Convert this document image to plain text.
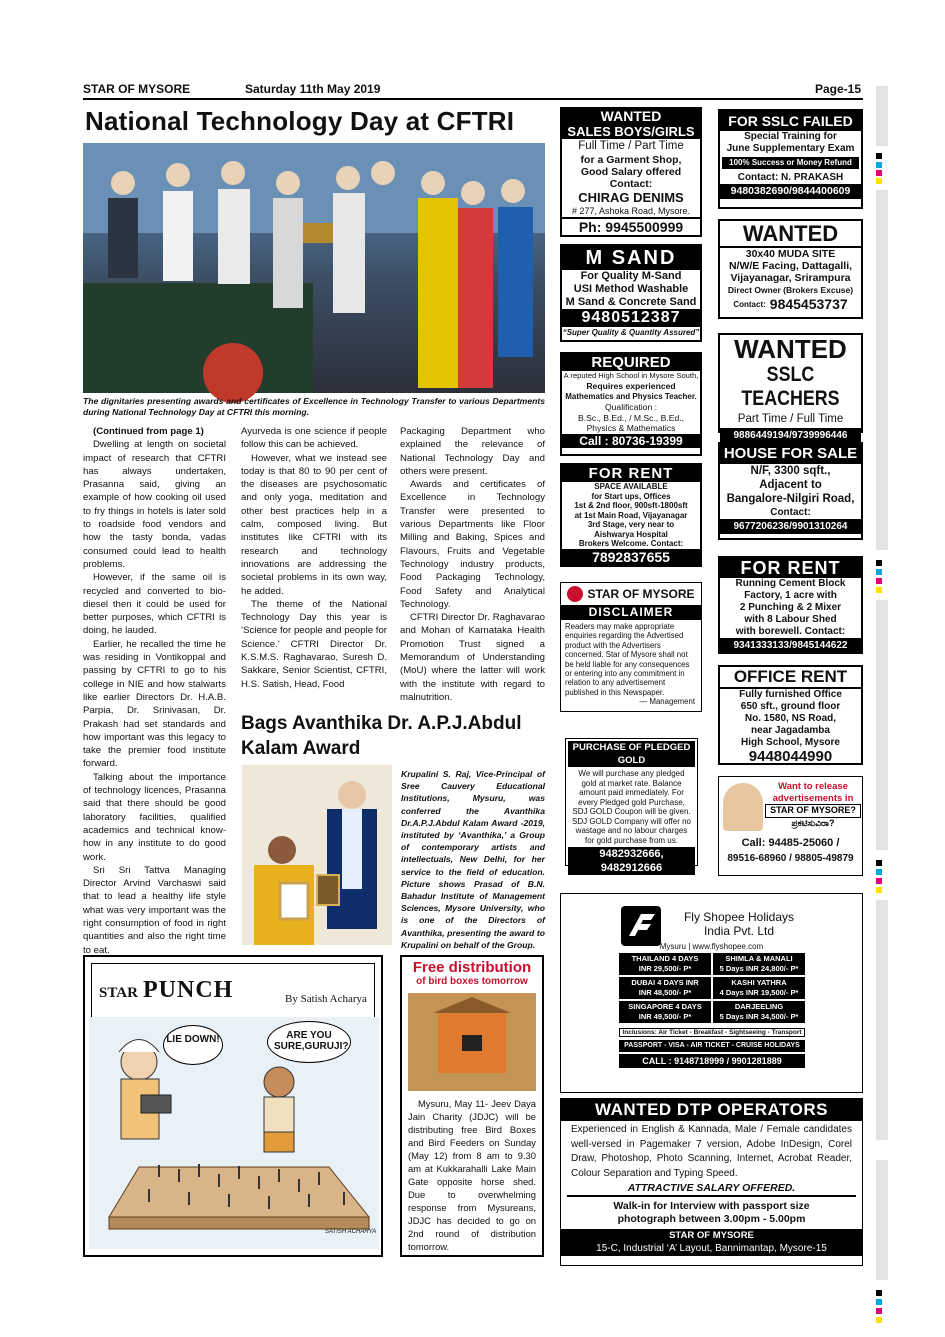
STAR OF MYSORE	Saturday 11th May 2019	Page-15
National Technology Day at CFTRI
The dignitaries presenting awards and certificates of Excellence in Technology Transfer to various Departments during National Technology Day at CFTRI this morning.

(Continued from page 1)

Dwelling at length on societal impact of research that CFTRI has always undertaken, Prasanna said, giving an example of how cooking oil used to fry things in hotels is later sold to roadside food vendors and how the tasty bonda, vadas consumed could lead to health problems.

However, if the same oil is recycled and converted to bio-diesel then it could be used for better purposes, which CFTRI is doing, he lauded.

Earlier, he recalled the time he was residing in Vontikoppal and passing by CFTRI to go to his college in NIE and how stalwarts like earlier Directors Dr. H.A.B. Parpia, Dr. Srinivasan, Dr. Prakash had set standards and how important was this legacy to take the premier food institute forward.

Talking about the importance of technology licences, Prasanna said that there should be good laboratory facilities, qualified academics and technical know-how in any institute to do good work.

Sri Sri Tattva Managing Director Arvind Varchaswi said that to lead a healthy life style what was very important was the right consumption of food in right quantities and also the right time to eat.

Ayurveda is one science if people follow this can be achieved.

However, what we instead see today is that 80 to 90 per cent of the diseases are psychosomatic and only yoga, meditation and other best practices help in a calm, composed living. But institutes like CFTRI with its research and technology innovations are addressing the societal problems in its own way, he added.

The theme of the National Technology Day this year is ‘Science for people and people for Science.’ CFTRI Director Dr. K.S.M.S. Raghavarao, Suresh D. Sakkare, Senior Scientist, CFTRI, H.S. Satish, Head, Food

Packaging Department who explained the relevance of National Technology Day and others were present.

Awards and certificates of Excellence in Technology Transfer were presented to various Departments like Floor Milling and Baking, Spices and Flavours, Fruits and Vegetable Technology industry products, Food Packaging Technology, Food Safety and Analytical Technology.

CFTRI Director Dr. Raghavarao and Mohan of Karnataka Health Promotion Trust signed a Memorandum of Understanding (MoU) where the latter will work with the institute with regard to malnutrition.

Bags Avanthika Dr. A.P.J.Abdul Kalam Award
Krupalini S. Raj, Vice-Principal of Sree Cauvery Educational Institutions, Mysuru, was conferred the Avanthika Dr.A.P.J.Abdul Kalam Award -2019, instituted by ‘Avanthika,’ a Group of contemporary artists and intellectuals, New Delhi, for her service to the field of education. Picture shows Prasad of B.N. Bahadur Institute of Management Sciences, Mysore University, who is one of the Directors of Avanthika, presenting the award to Krupalini on behalf of the Group.
STAR PUNCH	By Satish Acharya
LIE DOWN!	ARE YOU SURE,GURUJI?
SATISH ACHARYA
Free distribution
of bird boxes tomorrow

Mysuru, May 11- Jeev Daya Jain Charity (JDJC) will be distributing free Bird Boxes and Bird Feeders on Sunday (May 12) from 8 am to 9.30 am at Kukkarahalli Lake Main Gate opposite horse shed. Due to overwhelming response from Mysureans, JDJC has decided to go on 2nd round of distribution tomorrow.

WANTED
SALES BOYS/GIRLS
Full Time / Part Time
for a Garment Shop,
Good Salary offered
Contact:
CHIRAG DENIMS
# 277, Ashoka Road, Mysore.
Ph: 9945500999
M SAND
For Quality M-Sand
USI Method Washable
M Sand & Concrete Sand
9480512387
“Super Quality & Quantity Assured”
REQUIRED
A reputed High School in Mysore South,
Requires experienced
Mathematics and Physics Teacher.
Qualification :
B.Sc., B.Ed., / M.Sc., B.Ed.,
Physics & Mathematics
Call : 80736-19399
FOR RENT
SPACE AVAILABLE
for Start ups, Offices
1st & 2nd floor, 900sft-1800sft
at 1st Main Road, Vijayanagar
3rd Stage, very near to
Aishwarya Hospital
Brokers Welcome. Contact:
7892837655
STAR OF MYSORE
DISCLAIMER
Readers may make appropriate enquiries regarding the Advertised product with the Advertisers concerned. Star of Mysore shall not be held liable for any consequences or entering into any commitment in relation to any advertisement published in this Newspaper.
— Management
PURCHASE OF PLEDGED GOLD
We will purchase any pledged gold at market rate. Balance amount paid immediately. For every Pledged gold Purchase, SDJ GOLD Coupon will be given. SDJ GOLD Company will offer no wastage and no labour charges for gold purchase from us.
9482932666, 9482912666
FOR SSLC FAILED
Special Training for
June Supplementary Exam
100% Success or Money Refund
Contact: N. PRAKASH
9480382690/9844400609
WANTED
30x40 MUDA SITE
N/W/E Facing, Dattagalli,
Vijayanagar, Srirampura
Direct Owner (Brokers Excuse)
Contact: 9845453737
WANTED
SSLC TEACHERS
Part Time / Full Time
9886449194/9739996446
HOUSE FOR SALE
N/F, 3300 sqft.,
Adjacent to
Bangalore-Nilgiri Road,
Contact:
9677206236/9901310264
FOR RENT
Running Cement Block
Factory, 1 acre with
2 Punching & 2 Mixer
with 8 Labour Shed
with borewell. Contact:
9341333133/9845144622
OFFICE RENT
Fully furnished Office
650 sft., ground floor
No. 1580, NS Road,
near Jagadamba
High School, Mysore
9448044990
Want to release
advertisements in
STAR OF MYSORE?
ಪ್ರಕಟಿಸುವಿರಾ?
Call: 94485-25060 /
89516-68960 / 98805-49879
Fly Shopee Holidays
India Pvt. Ltd
Mysuru | www.flyshopee.com
THAILAND 4 DAYS
INR 29,500/- P*
SHIMLA & MANALI
5 Days INR 24,800/- P*
DUBAI 4 DAYS INR
INR 48,500/- P*
KASHI YATHRA
4 Days INR 19,500/- P*
SINGAPORE 4 DAYS
INR 49,500/- P*
DARJEELING
5 Days INR 34,500/- P*
Inclusions: Air Ticket - Breakfast - Sightseeing - Transport
PASSPORT - VISA - AIR TICKET - CRUISE HOLIDAYS
CALL : 9148718999 / 9901281889
WANTED DTP OPERATORS
Experienced in English & Kannada, Male / Female candidates well-versed in Pagemaker 7 version, Adobe InDesign, Corel Draw, Photoshop, Photo Scanning, Internet, Acrobat Reader, Colour Separation and Typing Speed.
ATTRACTIVE SALARY OFFERED.
Walk-in for Interview with passport size photograph between 3.00pm - 5.00pm
STAR OF MYSORE
15-C, Industrial ‘A’ Layout, Bannimantap, Mysore-15
